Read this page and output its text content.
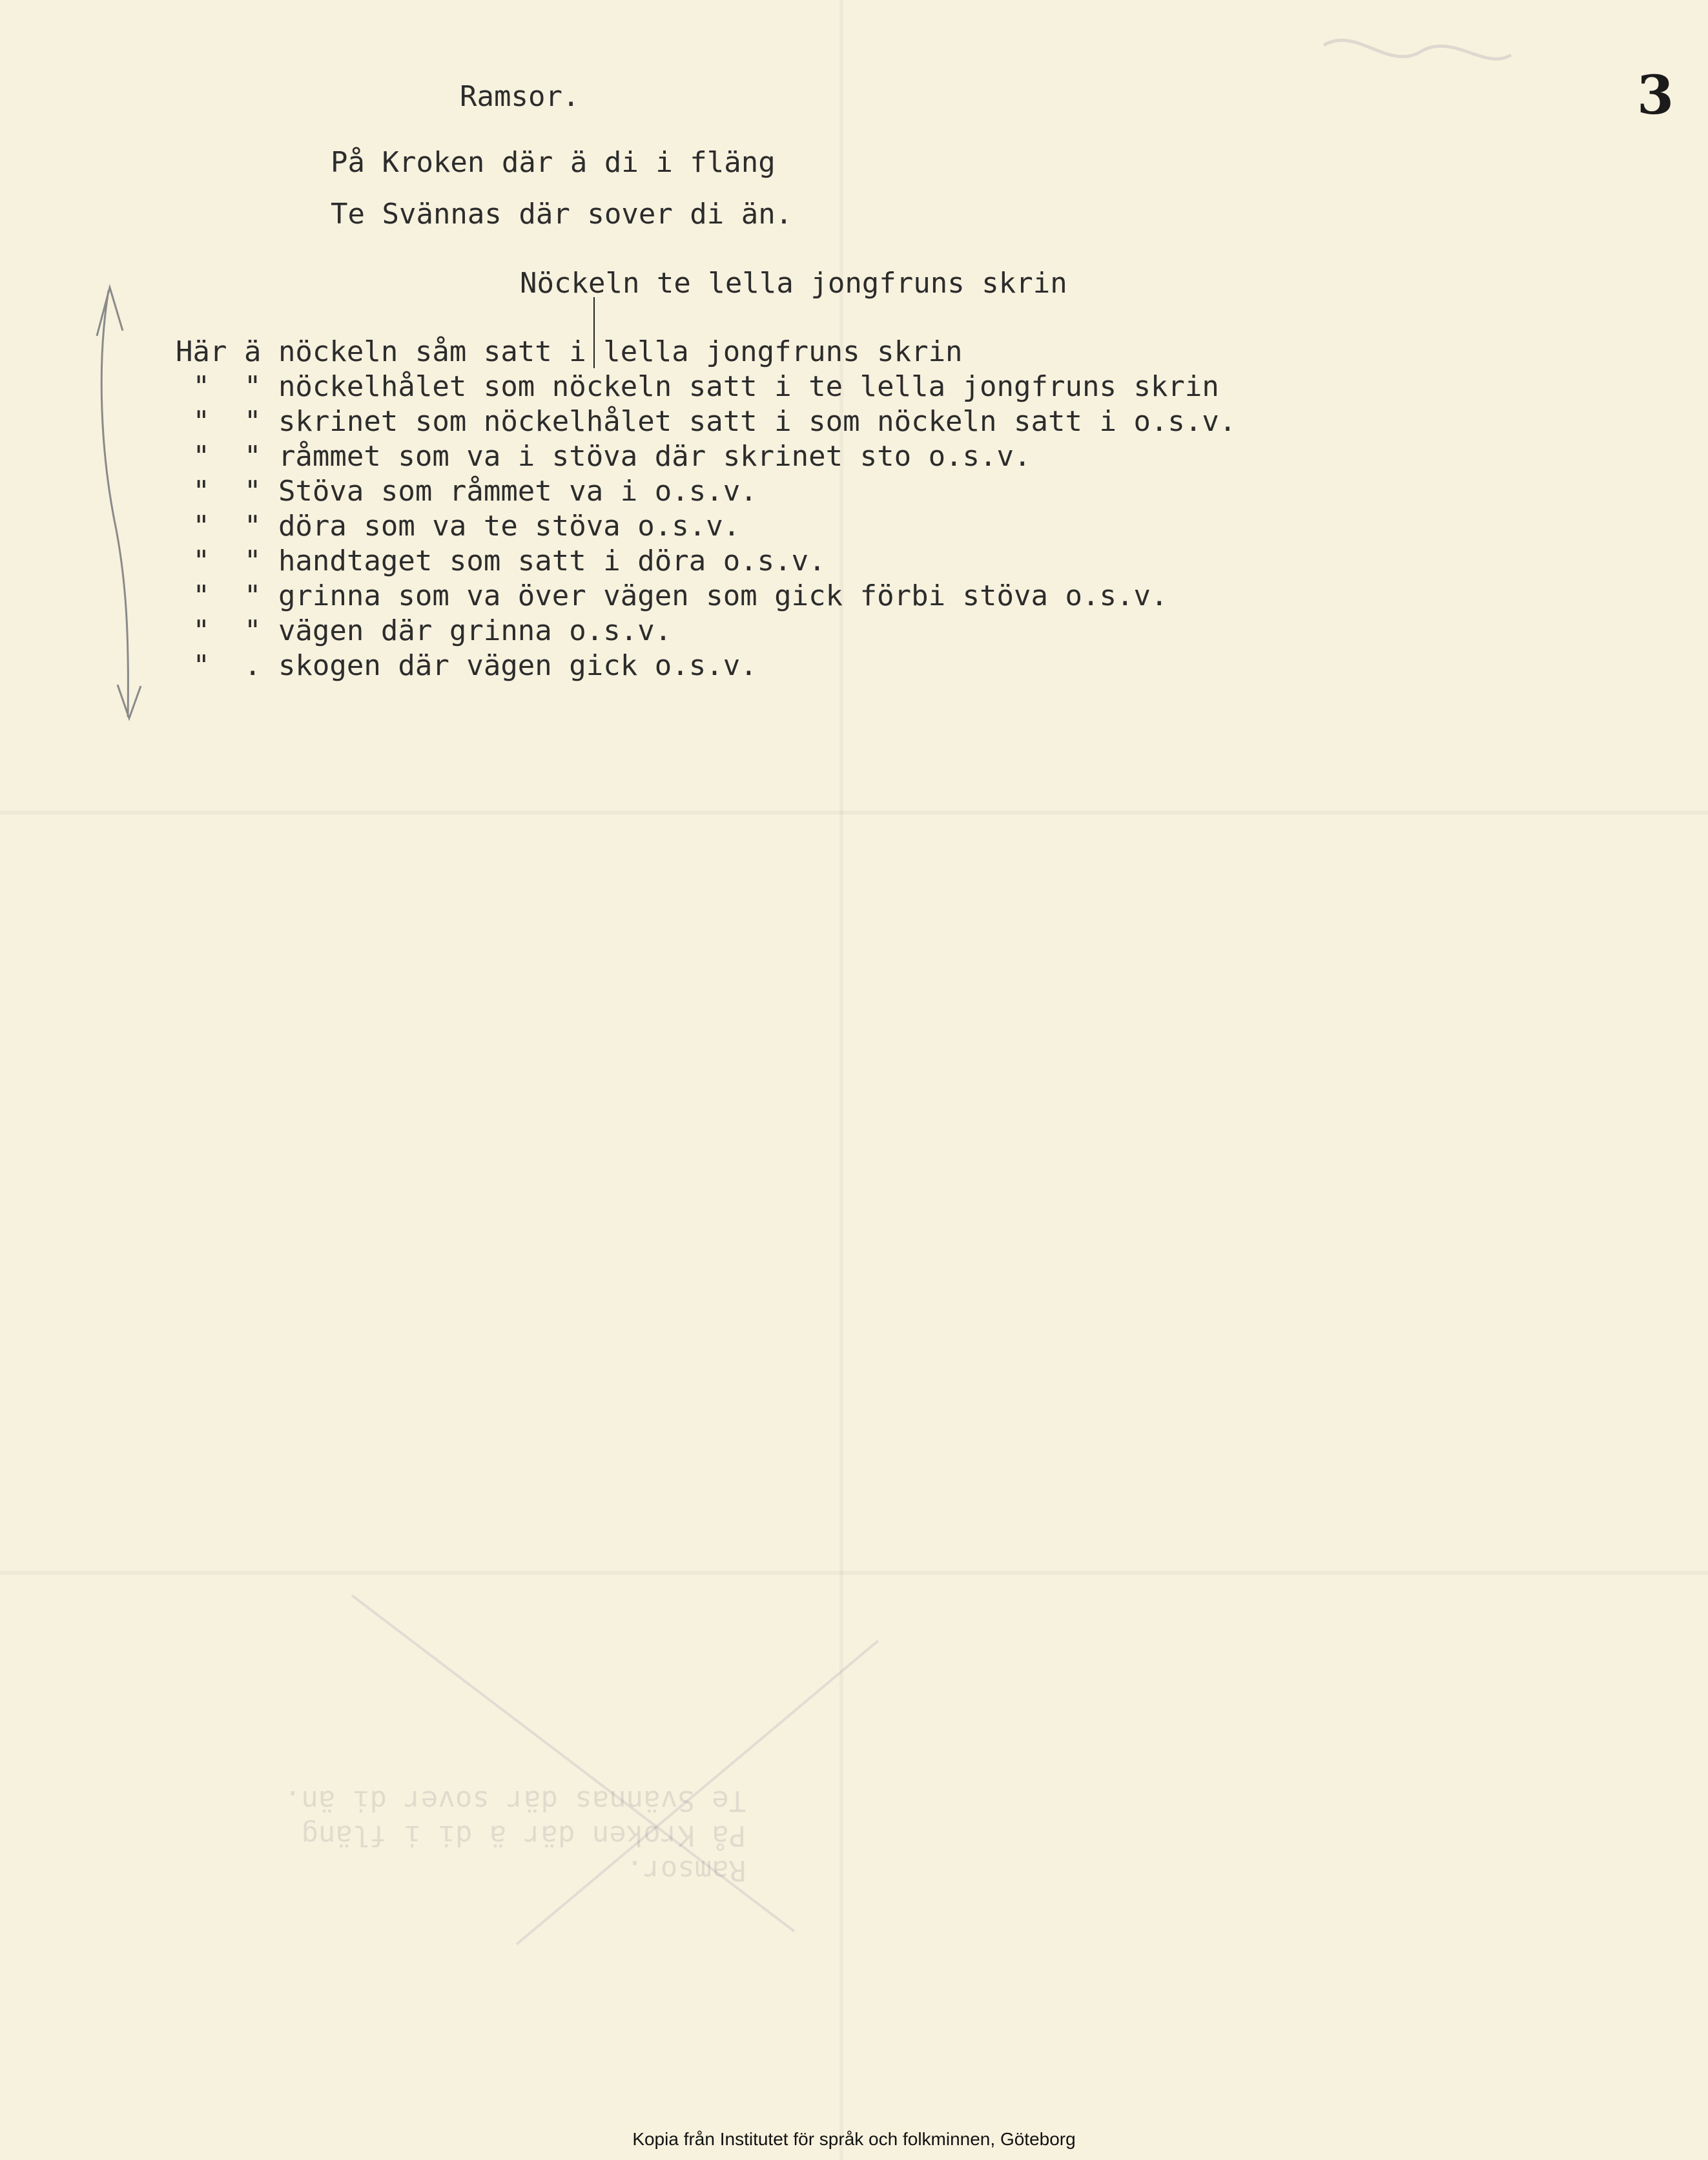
Ramsor.
På Kroken där ä di i fläng
Te Svännas där sover di än.
3
Ramsor.
På Kroken där ä di i fläng
Te Svännas där sover di än.
Nöckeln te lella jongfruns skrin
Här ä nöckeln såm satt i lella jongfruns skrin
"  " nöckelhålet som nöckeln satt i te lella jongfruns skrin
"  " skrinet som nöckelhålet satt i som nöckeln satt i o.s.v.
"  " råmmet som va i stöva där skrinet sto o.s.v.
"  " Stöva som råmmet va i o.s.v.
"  " döra som va te stöva o.s.v.
"  " handtaget som satt i döra o.s.v.
"  " grinna som va över vägen som gick förbi stöva o.s.v.
"  " vägen där grinna o.s.v.
"  . skogen där vägen gick o.s.v.
Kopia från Institutet för språk och folkminnen, Göteborg
